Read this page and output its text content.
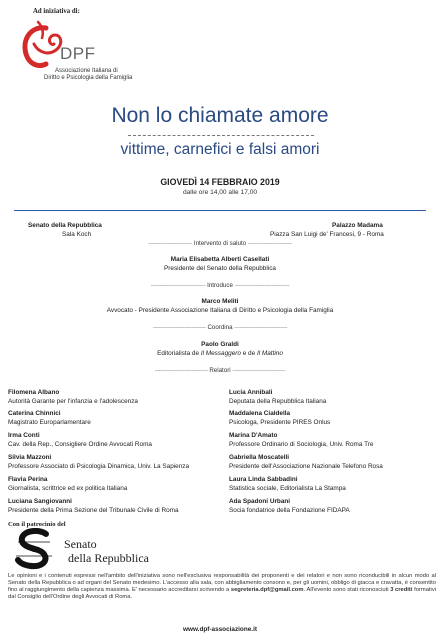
Ad iniziativa di:
DPF
Associazione Italiana di
Diritto e Psicologia della Famiglia
Non lo chiamate amore
vittime, carnefici e falsi amori
GIOVEDÌ 14 FEBBRAIO 2019
dalle ore 14,00 alle 17,00
Senato della Repubblica
Sala Koch
Palazzo Madama
Piazza San Luigi de' Francesi, 9 - Roma
------------------------- Intervento di saluto -------------------------
Maria Elisabetta Alberti Casellati
Presidente del Senato della Repubblica
------------------------------- Introduce -------------------------------
Marco Meliti
Avvocato - Presidente Associazione Italiana di Diritto e Psicologia della Famiglia
------------------------------ Coordina ------------------------------
Paolo Graldi
Editorialista de Il Messaggero e de Il Mattino
------------------------------ Relatori ------------------------------
Filomena Albano
Autorità Garante per l'infanzia e l'adolescenza
Caterina Chinnici
Magistrato Europarlamentare
Irma Conti
Cav. della Rep., Consigliere Ordine Avvocati Roma
Silvia Mazzoni
Professore Associato di Psicologia Dinamica, Univ. La Sapienza
Flavia Perina
Giornalista, scrittrice ed ex politica Italiana
Luciana Sangiovanni
Presidente della Prima Sezione del Tribunale Civile di Roma
Lucia Annibali
Deputata della Repubblica Italiana
Maddalena Cialdella
Psicologa, Presidente PIRES Onlus
Marina D'Amato
Professore Ordinario di Sociologia, Univ. Roma Tre
Gabriella Moscatelli
Presidente dell'Associazione Nazionale Telefono Rosa
Laura Linda Sabbadini
Statistica sociale, Editorialista La Stampa
Ada Spadoni Urbani
Socia fondatrice della Fondazione FIDAPA
Con il patrocinio del
Senato
della Repubblica
Le opinioni e i contenuti espressi nell'ambito dell'iniziativa sono nell'esclusiva responsabilità dei proponenti e dei relatori e non sono riconducibili in alcun modo al Senato della Repubblica o ad organi del Senato medesimo. L'accesso alla sala, con abbigliamento consono e, per gli uomini, obbligo di giacca e cravatta, è consentito fino al raggiungimento della capienza massima. E' necessario accreditarsi scrivendo a segreteria.dpf@gmail.com. All'evento sono stati riconosciuti 3 crediti formativi dal Consiglio dell'Ordine degli Avvocati di Roma.
www.dpf-associazione.it
